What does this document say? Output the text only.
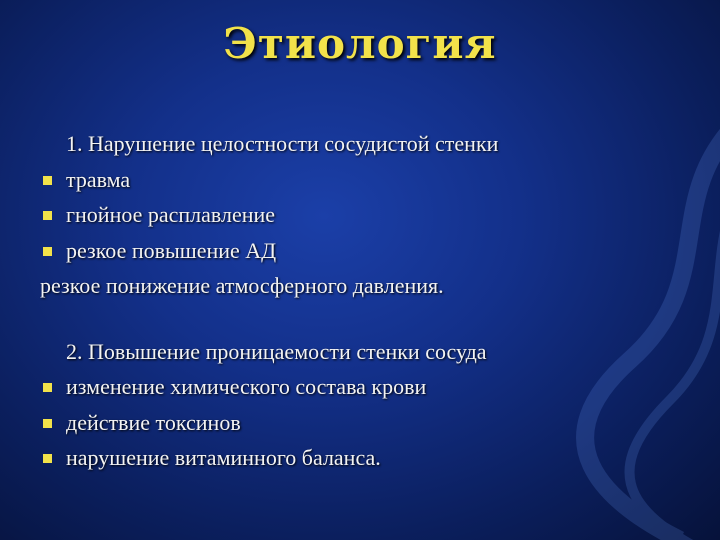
Этиология
1. Нарушение целостности сосудистой стенки
травма
гнойное расплавление
резкое повышение АД
резкое понижение атмосферного давления.
2. Повышение проницаемости стенки сосуда
изменение химического состава крови
действие токсинов
нарушение витаминного баланса.
